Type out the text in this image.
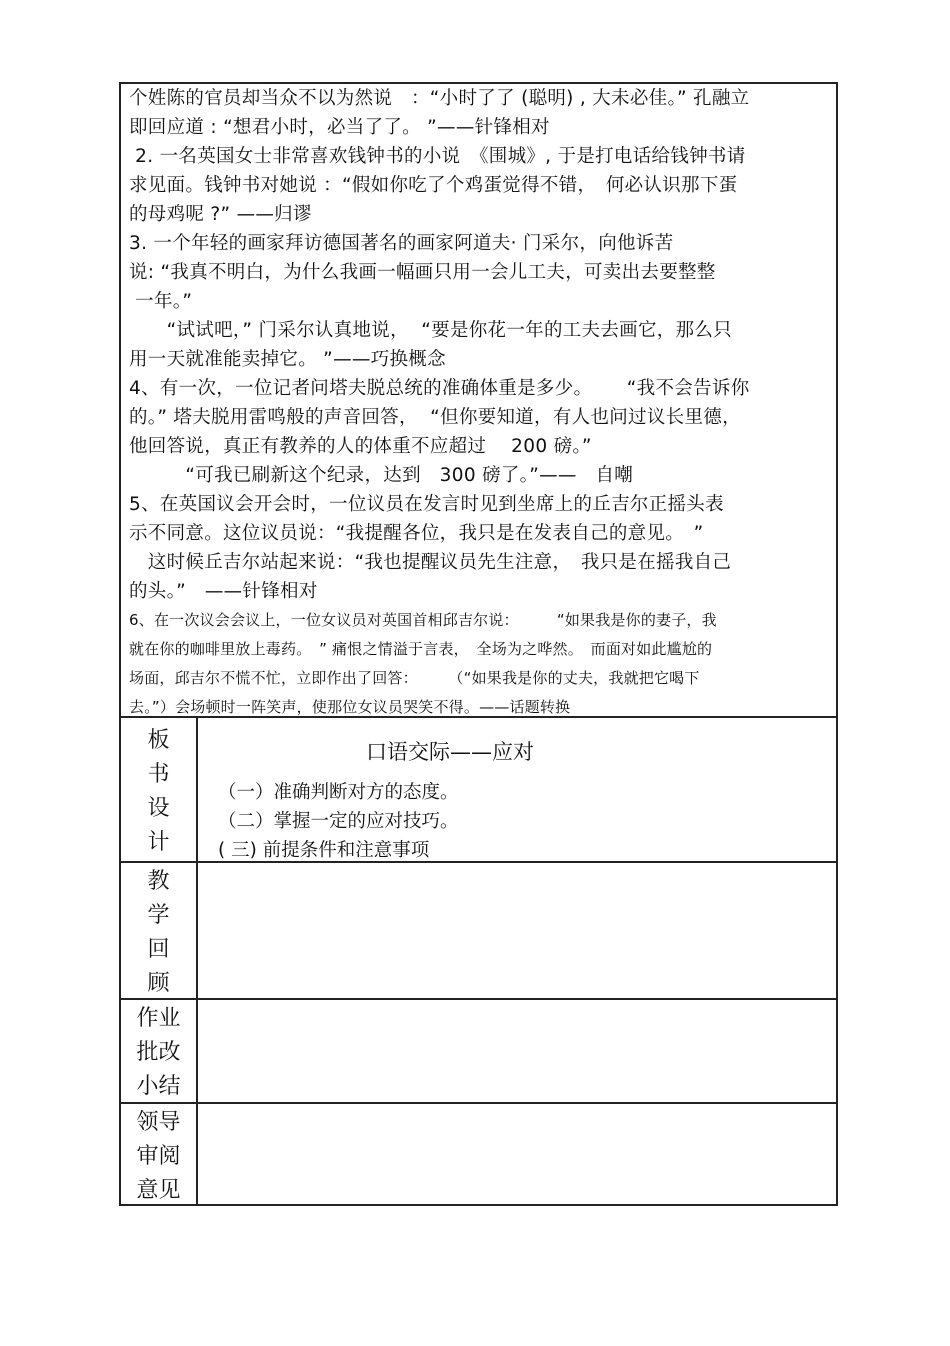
个姓陈的官员却当众不以为然说　：“小时了了 (聪明) , 大未必佳。” 孔融立

即回应道 : “想君小时，必当了了。 ”——针锋相对

2. 一名英国女士非常喜欢钱钟书的小说　《围城》, 于是打电话给钱钟书请

求见面。钱钟书对她说 ：“假如你吃了个鸡蛋觉得不错，　何必认识那下蛋

的母鸡呢 ?” ——归谬

3. 一个年轻的画家拜访德国著名的画家阿道夫· 门采尔，向他诉苦

说: “我真不明白，为什么我画一幅画只用一会儿工夫，可卖出去要整整

一年。”

　　“试试吧，” 门采尔认真地说，  “要是你花一年的工夫去画它，那么只

用一天就准能卖掉它。 ”——巧换概念

4、有一次，一位记者问塔夫脱总统的准确体重是多少。　　 “我不会告诉你

的。” 塔夫脱用雷鸣般的声音回答，  “但你要知道，有人也问过议长里德，

他回答说，真正有教养的人的体重不应超过　 200 磅。”

　　　“可我已刷新这个纪录，达到　300 磅了。”——　自嘲

5、在英国议会开会时，一位议员在发言时见到坐席上的丘吉尔正摇头表

示不同意。这位议员说：“我提醒各位，我只是在发表自己的意见。　”

　这时候丘吉尔站起来说：“我也提醒议员先生注意，　我只是在摇我自己

的头。”　——针锋相对

6、在一次议会会议上，一位女议员对英国首相邱吉尔说：　　　“如果我是你的妻子，我

就在你的咖啡里放上毒药。　” 痛恨之情溢于言表，　全场为之哗然。　而面对如此尴尬的

场面，邱吉尔不慌不忙，立即作出了回答：　　　（“如果我是你的丈夫，我就把它喝下

去。”）会场顿时一阵笑声，使那位女议员哭笑不得。——话题转换

板
书
设
计
口语交际——应对
（一）准确判断对方的态度。
（二）掌握一定的应对技巧。
( 三) 前提条件和注意事项
教
学
回
顾
作业
批改
小结
领导
审阅
意见
